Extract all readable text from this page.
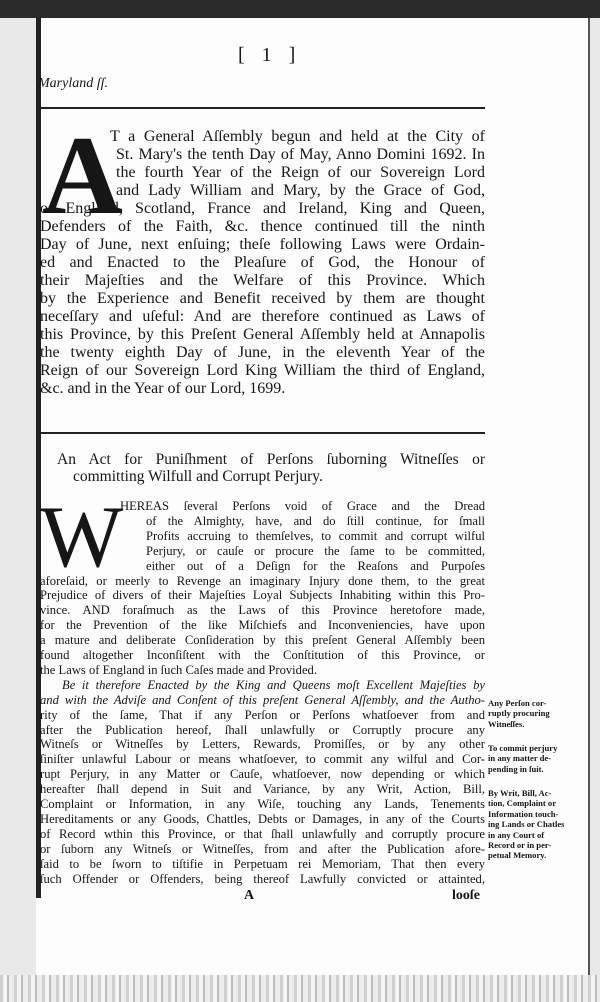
[ 1 ]
Maryland ſſ.
A
T a General Aſſembly begun and held at the City of
St. Mary's the tenth Day of May, Anno Domini 1692. In
the fourth Year of the Reign of our Sovereign Lord
and Lady William and Mary, by the Grace of God,
of England, Scotland, France and Ireland, King and Queen,
Defenders of the Faith, &c. thence continued till the ninth
Day of June, next enſuing; theſe following Laws were Ordain-
ed and Enacted to the Pleaſure of God, the Honour of
their Majeſties and the Welfare of this Province. Which
by the Experience and Benefit received by them are thought
neceſſary and uſeful: And are therefore continued as Laws of
this Province, by this Preſent General Aſſembly held at Annapolis
the twenty eighth Day of June, in the eleventh Year of the
Reign of our Sovereign Lord King William the third of England,
&c. and in the Year of our Lord, 1699.
An Act for Puniſhment of Perſons ſuborning Witneſſes or
committing Wilfull and Corrupt Perjury.
W
HEREAS ſeveral Perſons void of Grace and the Dread
of the Almighty, have, and do ſtill continue, for ſmall
Profits accruing to themſelves, to commit and corrupt wilful
Perjury, or cauſe or procure the ſame to be committed,
either out of a Deſign for the Reaſons and Purpoſes
aforeſaid, or meerly to Revenge an imaginary Injury done them, to the great
Prejudice of divers of their Majeſties Loyal Subjects Inhabiting within this Pro-
vince. AND foraſmuch as the Laws of this Province heretofore made,
for the Prevention of the like Miſchiefs and Inconveniencies, have upon
a mature and deliberate Conſideration by this preſent General Aſſembly been
found altogether Inconſiſtent with the Conſtitution of this Province, or
the Laws of England in ſuch Caſes made and Provided.
Be it therefore Enacted by the King and Queens moſt Excellent Majeſties by
and with the Adviſe and Conſent of this preſent General Aſſembly, and the Autho-
rity of the ſame, That if any Perſon or Perſons whatſoever from and
after the Publication hereof, ſhall unlawfully or Corruptly procure any
Witneſs or Witneſſes by Letters, Rewards, Promiſſes, or by any other
ſiniſter unlawful Labour or means whatſoever, to commit any wilful and Cor-
rupt Perjury, in any Matter or Cauſe, whatſoever, now depending or which
hereafter ſhall depend in Suit and Variance, by any Writ, Action, Bill,
Complaint or Information, in any Wiſe, touching any Lands, Tenements
Hereditaments or any Goods, Chattles, Debts or Damages, in any of the Courts
of Record wthin this Province, or that ſhall unlawfully and corruptly procure
or ſuborn any Witneſs or Witneſſes, from and after the Publication afore-
ſaid to be ſworn to tiſtifie in Perpetuam rei Memoriam, That then every
ſuch Offender or Offenders, being thereof Lawfully convicted or attainted,
Any Perſon cor-
ruptly procuring
Witneſſes.
To commit perjury
in any matter de-
pending in ſuit.
By Writ, Bill, Ac-
tion, Complaint or
Information touch-
ing Lands or Chatles
in any Court of
Record or in per-
petual Memory.
A	looſe
